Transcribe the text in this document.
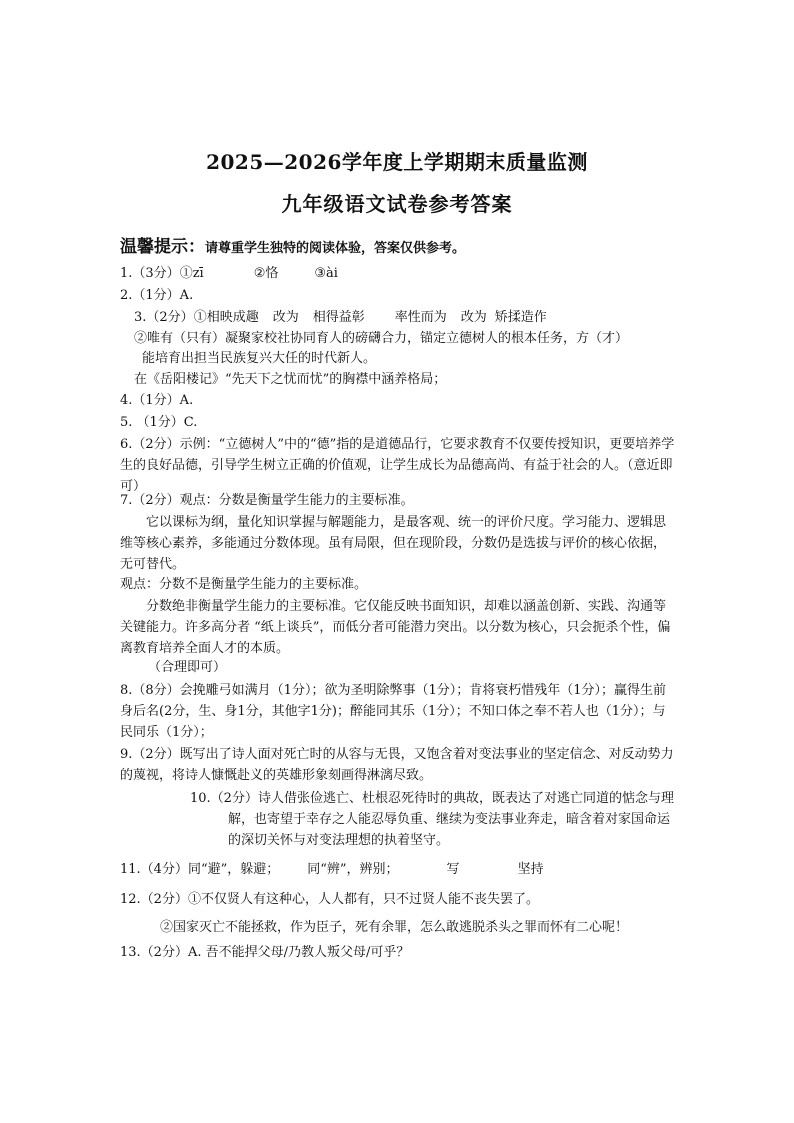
2025—2026学年度上学期期末质量监测
九年级语文试卷参考答案
温馨提示：请尊重学生独特的阅读体验，答案仅供参考。
1.（3分）①zī	②恪	③ài
2.（1分）A.
3.（2分）①相映成趣 改为 相得益彰 率性而为 改为 矫揉造作
②唯有（只有）凝聚家校社协同育人的磅礴合力，锚定立德树人的根本任务，方（才）
能培育出担当民族复兴大任的时代新人。
在《岳阳楼记》“先天下之忧而忧”的胸襟中涵养格局；
4.（1分）A.
5. （1分）C.
6.（2分）示例：“立德树人”中的“德”指的是道德品行，它要求教育不仅要传授知识，更要培养学生的良好品德，引导学生树立正确的价值观，让学生成长为品德高尚、有益于社会的人。（意近即可）
7.（2分）观点：分数是衡量学生能力的主要标准。
它以课标为纲，量化知识掌握与解题能力，是最客观、统一的评价尺度。学习能力、逻辑思维等核心素养，多能通过分数体现。虽有局限，但在现阶段，分数仍是选拔与评价的核心依据，无可替代。
观点：分数不是衡量学生能力的主要标准。
分数绝非衡量学生能力的主要标准。它仅能反映书面知识，却难以涵盖创新、实践、沟通等关键能力。许多高分者 “纸上谈兵”，而低分者可能潜力突出。以分数为核心，只会扼杀个性，偏离教育培养全面人才的本质。
（合理即可）
8.（8分）会挽雕弓如满月（1分）；欲为圣明除弊事（1分）；肯将衰朽惜残年（1分）；赢得生前身后名(2分，生、身1分，其他字1分)；醉能同其乐（1分）；不知口体之奉不若人也（1分）；与民同乐（1分）；
9.（2分）既写出了诗人面对死亡时的从容与无畏，又饱含着对变法事业的坚定信念、对反动势力的蔑视，将诗人慷慨赴义的英雄形象刻画得淋漓尽致。
10.（2分）诗人借张俭逃亡、杜根忍死待时的典故，既表达了对逃亡同道的惦念与理解，也寄望于幸存之人能忍辱负重、继续为变法事业奔走，暗含着对家国命运的深切关怀与对变法理想的执着坚守。
11.（4分）同“避”，躲避； 同“辨”，辨别；	写	坚持
12.（2分）①不仅贤人有这种心，人人都有，只不过贤人能不丧失罢了。
②国家灭亡不能拯救，作为臣子，死有余罪，怎么敢逃脱杀头之罪而怀有二心呢！
13.（2分）A. 吾不能捍父母/乃教人叛父母/可乎？
